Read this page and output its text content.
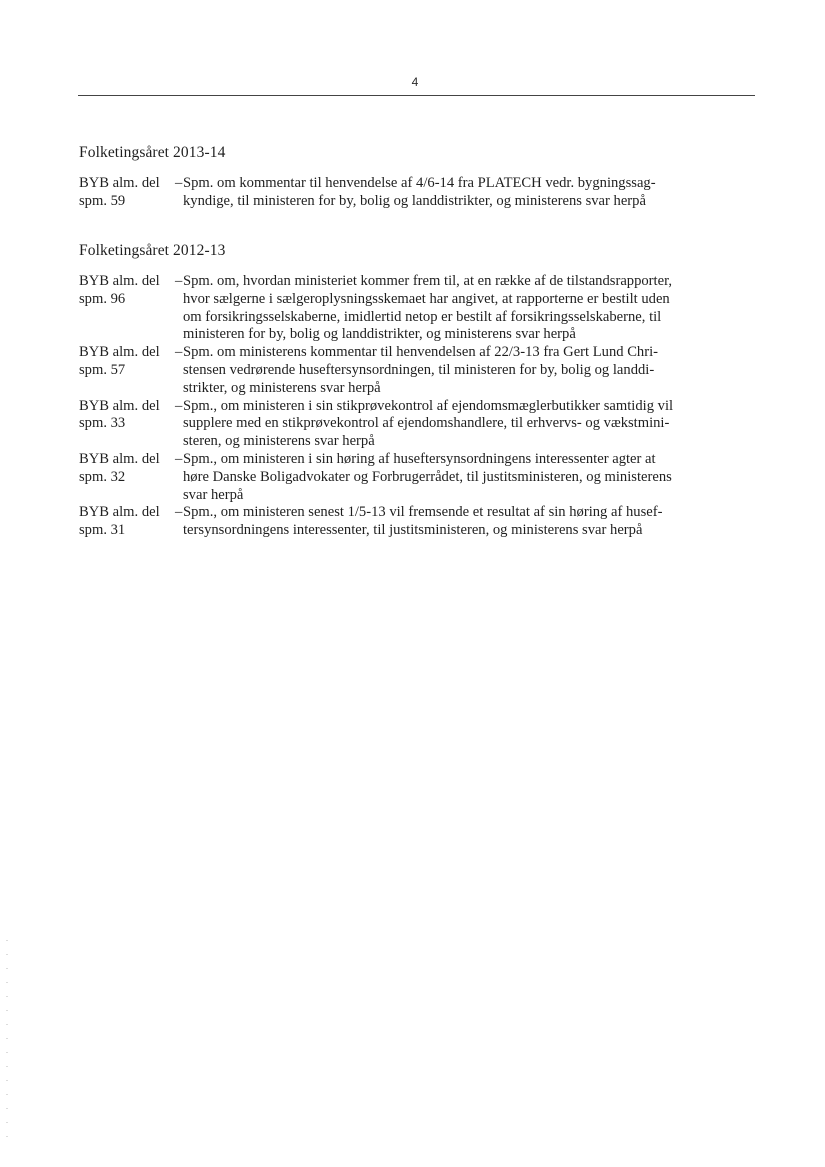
4
Folketingsåret 2013-14
BYB alm. del –
spm. 59
Spm. om kommentar til henvendelse af 4/6-14 fra PLATECH vedr. bygningssag-
kyndige, til ministeren for by, bolig og landdistrikter, og ministerens svar herpå
Folketingsåret 2012-13
BYB alm. del –
spm. 96
Spm. om, hvordan ministeriet kommer frem til, at en række af de tilstandsrapporter,
hvor sælgerne i sælgeroplysningsskemaet har angivet, at rapporterne er bestilt uden
om forsikringsselskaberne, imidlertid netop er bestilt af forsikringsselskaberne, til
ministeren for by, bolig og landdistrikter, og ministerens svar herpå
BYB alm. del –
spm. 57
Spm. om ministerens kommentar til henvendelsen af 22/3-13 fra Gert Lund Chri-
stensen vedrørende huseftersynsordningen, til ministeren for by, bolig og landdi-
strikter, og ministerens svar herpå
BYB alm. del –
spm. 33
Spm., om ministeren i sin stikprøvekontrol af ejendomsmæglerbutikker samtidig vil
supplere med en stikprøvekontrol af ejendomshandlere, til erhvervs- og vækstmini-
steren, og ministerens svar herpå
BYB alm. del –
spm. 32
Spm., om ministeren i sin høring af huseftersynsordningens interessenter agter at
høre Danske Boligadvokater og Forbrugerrådet, til justitsministeren, og ministerens
svar herpå
BYB alm. del –
spm. 31
Spm., om ministeren senest 1/5-13 vil fremsende et resultat af sin høring af husef-
tersynsordningens interessenter, til justitsministeren, og ministerens svar herpå
